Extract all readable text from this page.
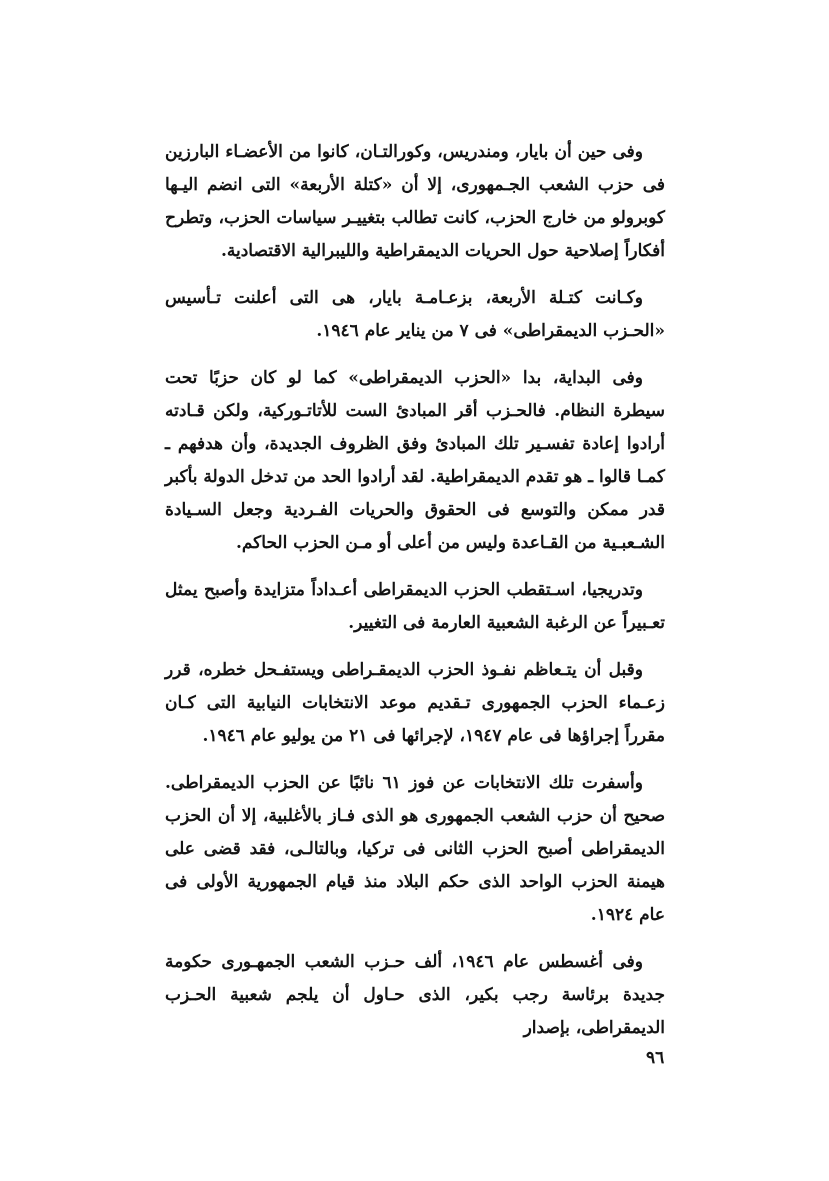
وفى حين أن بايار، ومندريس، وكورالتـان، كانوا من الأعضـاء البارزين فى حزب الشعب الجـمهورى، إلا أن «كتلة الأربعة» التى انضم اليـها كوبرولو من خارج الحزب، كانت تطالب بتغييـر سياسات الحزب، وتطرح أفكاراً إصلاحية حول الحريات الديمقراطية والليبرالية الاقتصادية.

وكـانت كتـلة الأربعة، بزعـامـة بايار، هى التى أعلنت تـأسيس «الحـزب الديمقراطى» فى ٧ من يناير عام ١٩٤٦.

وفى البداية، بدا «الحزب الديمقراطى» كما لو كان حزبًا تحت سيطرة النظام. فالحـزب أقر المبادئ الست للأتاتـوركية، ولكن قـادته أرادوا إعادة تفسـير تلك المبادئ وفق الظروف الجديدة، وأن هدفهم ـ كمـا قالوا ـ هو تقدم الديمقراطية. لقد أرادوا الحد من تدخل الدولة بأكبر قدر ممكن والتوسع فى الحقوق والحريات الفـردية وجعل السـيادة الشـعبـية من القـاعدة وليس من أعلى أو مـن الحزب الحاكم.

وتدريجيا، اسـتقطب الحزب الديمقراطى أعـداداً متزايدة وأصبح يمثل تعـبيراً عن الرغبة الشعبية العارمة فى التغيير.

وقبل أن يتـعاظم نفـوذ الحزب الديمقـراطى ويستفـحل خطره، قرر زعـماء الحزب الجمهورى تـقديم موعد الانتخابات النيابية التى كـان مقرراً إجراؤها فى عام ١٩٤٧، لإجرائها فى ٢١ من يوليو عام ١٩٤٦.

وأسفرت تلك الانتخابات عن فوز ٦١ نائبًا عن الحزب الديمقراطى. صحيح أن حزب الشعب الجمهورى هو الذى فـاز بالأغلبية، إلا أن الحزب الديمقراطى أصبح الحزب الثانى فى تركيا، وبالتالـى، فقد قضى على هيمنة الحزب الواحد الذى حكم البلاد منذ قيام الجمهورية الأولى فى عام ١٩٢٤.

وفى أغسطس عام ١٩٤٦، ألف حـزب الشعب الجمهـورى حكومة جديدة برئاسة رجب بكير، الذى حـاول أن يلجم شعبية الحـزب الديمقراطى، بإصدار

٩٦
